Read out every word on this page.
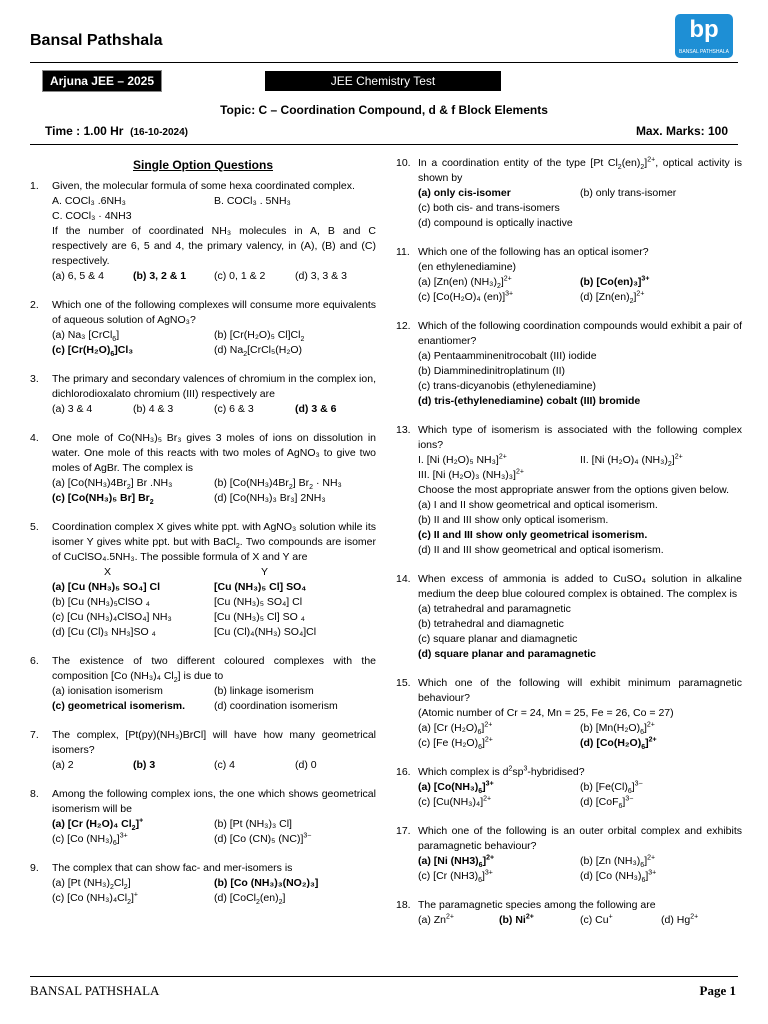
Bansal Pathshala	bp
BANSAL PATHSHALA
Arjuna JEE – 2025	JEE Chemistry Test
Topic: C – Coordination Compound, d & f Block Elements
Time : 1.00 Hr (16-10-2024)	Max. Marks: 100
Single Option Questions
1. Given, the molecular formula of some hexa coordinated complex.
A. COCl₃ .6NH₃	B. COCl₃ . 5NH₃
C. COCl₃ · 4NH3
If the number of coordinated NH₃ molecules in A, B and C respectively are 6, 5 and 4, the primary valency, in (A), (B) and (C) respectively.
(a) 6, 5 & 4	(b) 3, 2 & 1	(c) 0, 1 & 2	(d) 3, 3 & 3
2. Which one of the following complexes will consume more equivalents of aqueous solution of AgNO₃?
(a) Na₃ [CrCl$_6$]	(b) [Cr(H₂O)₅ $Cl]Cl_2$
(c) $[Cr(H_2O)_6]Cl_3$	(d) $Na_2[CrCl_5(H_2O)$
3. The primary and secondary valences of chromium in the complex ion, dichlorodioxalato chromium (III) respectively are
(a) 3 & 4	(b) 4 & 3	(c) 6 & 3	(d) 3 & 6
4. One mole of Co(NH₃)₅ Br₃ gives 3 moles of ions on dissolution in water. One mole of this reacts with two moles of AgNO₃ to give two moles of AgBr. The complex is
(a) $[Co(NH_3)4Br_2]$ Br .NH₃	(b) $[Co(NH_3)4Br_2] Br_2 \cdot NH_3$
(c) [Co(NH₃)₅ Br] $Br_2$	(d) [Co(NH₃)₃ Br₃] 2NH₃
5. Coordination complex X gives white ppt. with AgNO₃ solution while its isomer Y gives white ppt. but with BaCl$_2$. Two compounds are isomer of CuClSO₄.5NH₃. The possible formula of X and Y are
X	Y
(a) [Cu (NH₃)₅ SO₄] Cl	[Cu (NH₃)₅ Cl] SO₄
(b) [Cu (NH₃)₅ClSO ₄	[Cu (NH₃)₅ SO₄] Cl
(c) [Cu (NH₃)₄ClSO₄] NH₃	[Cu (NH₃)₅ Cl] SO ₄
(d) [Cu (Cl)₃ NH₃]SO ₄	[Cu (Cl)₄(NH₃) SO₄]Cl
6. The existence of two different coloured complexes with the composition [Co (NH₃)₄ $Cl_2$] is due to
(a) ionisation isomerism	(b) linkage isomerism
(c) geometrical isomerism.	(d) coordination isomerism
7. The complex, [Pt(py)(NH₃)BrCl] will have how many geometrical isomers?
(a) 2	(b) 3	(c) 4	(d) 0
8. Among the following complex ions, the one which shows geometrical isomerism will be
(a) [Cr (H₂O)₄ $Cl_2]^+$	(b) [Pt (NH₃)₃ Cl]
(c) [Co $(NH_3)_6]^{3+}$	(d) [Co (CN)₅ (NC)]$^{3-}$
9. The complex that can show fac- and mer-isomers is
(a) [Pt $(NH_3)_2Cl_2$]	(b) [Co (NH₃)₃(NO₂)₃]
(c) [Co $(NH_3)_4Cl_2]^+$	(d) $[CoCl_2(en)_2]$
10. In a coordination entity of the type [Pt $Cl_2(en)_2]^{2+}$, optical activity is shown by
(a) only cis-isomer	(b) only trans-isomer
(c) both cis- and trans-isomers
(d) compound is optically inactive
11. Which one of the following has an optical isomer?
(en ethylenediamine)
(a) [Zn(en) $(NH_3)_2]^{2+}$	(b) $[Co(en)_3]^{3+}$
(c) [Co(H₂O)₄ (en)]$^{3+}$	(d) $[Zn(en)_2]^{2+}$
12. Which of the following coordination compounds would exhibit a pair of enantiomer?
(a) Pentaamminenitrocobalt (III) iodide
(b) Diamminedinitroplatinum (II)
(c) trans-dicyanobis (ethylenediamine)
(d) tris-(ethylenediamine) cobalt (III) bromide
13. Which type of isomerism is associated with the following complex ions?
I. [Ni (H₂O)₅ NH₃]$^{2+}$	II. [Ni (H₂O)₄ $(NH_3)_2]^{2+}$
III. [Ni (H₂O)₃ (NH₃)₃]$^{2+}$
Choose the most appropriate answer from the options given below.
(a) I and II show geometrical and optical isomerism.
(b) II and III show only optical isomerism.
(c) II and III show only geometrical isomerism.
(d) II and III show geometrical and optical isomerism.
14. When excess of ammonia is added to CuSO₄ solution in alkaline medium the deep blue coloured complex is obtained. The complex is
(a) tetrahedral and paramagnetic
(b) tetrahedral and diamagnetic
(c) square planar and diamagnetic
(d) square planar and paramagnetic
15. Which one of the following will exhibit minimum paramagnetic behaviour?
(Atomic number of Cr = 24, Mn = 25, Fe = 26, Co = 27)
(a) [Cr $(H_2O)_6]^{2+}$	(b) $[Mn(H_2O)_6]^{2+}$
(c) [Fe $(H_2O)_6]^{2+}$	(d) $[Co(H_2O)_6]^{2+}$
16. Which complex is $d^2sp^3$-hybridised?
(a) $[Co(NH_3)_6]^{3+}$	(b) $[Fe(Cl)_6]^{3-}$
(c) $[Cu(NH_3)_4]^{2+}$	(d) $[CoF_6]^{3-}$
17. Which one of the following is an outer orbital complex and exhibits paramagnetic behaviour?
(a) [Ni $(NH3)_6]^{2+}$	(b) [Zn $(NH_3)_6]^{2+}$
(c) [Cr $(NH3)_6]^{3+}$	(d) [Co $(NH_3)_6]^{3+}$
18. The paramagnetic species among the following are
(a) $Zn^{2+}$	(b) $Ni^{2+}$	(c) Cu+	(d) $Hg^{2+}$
BANSAL PATHSHALA	Page 1
